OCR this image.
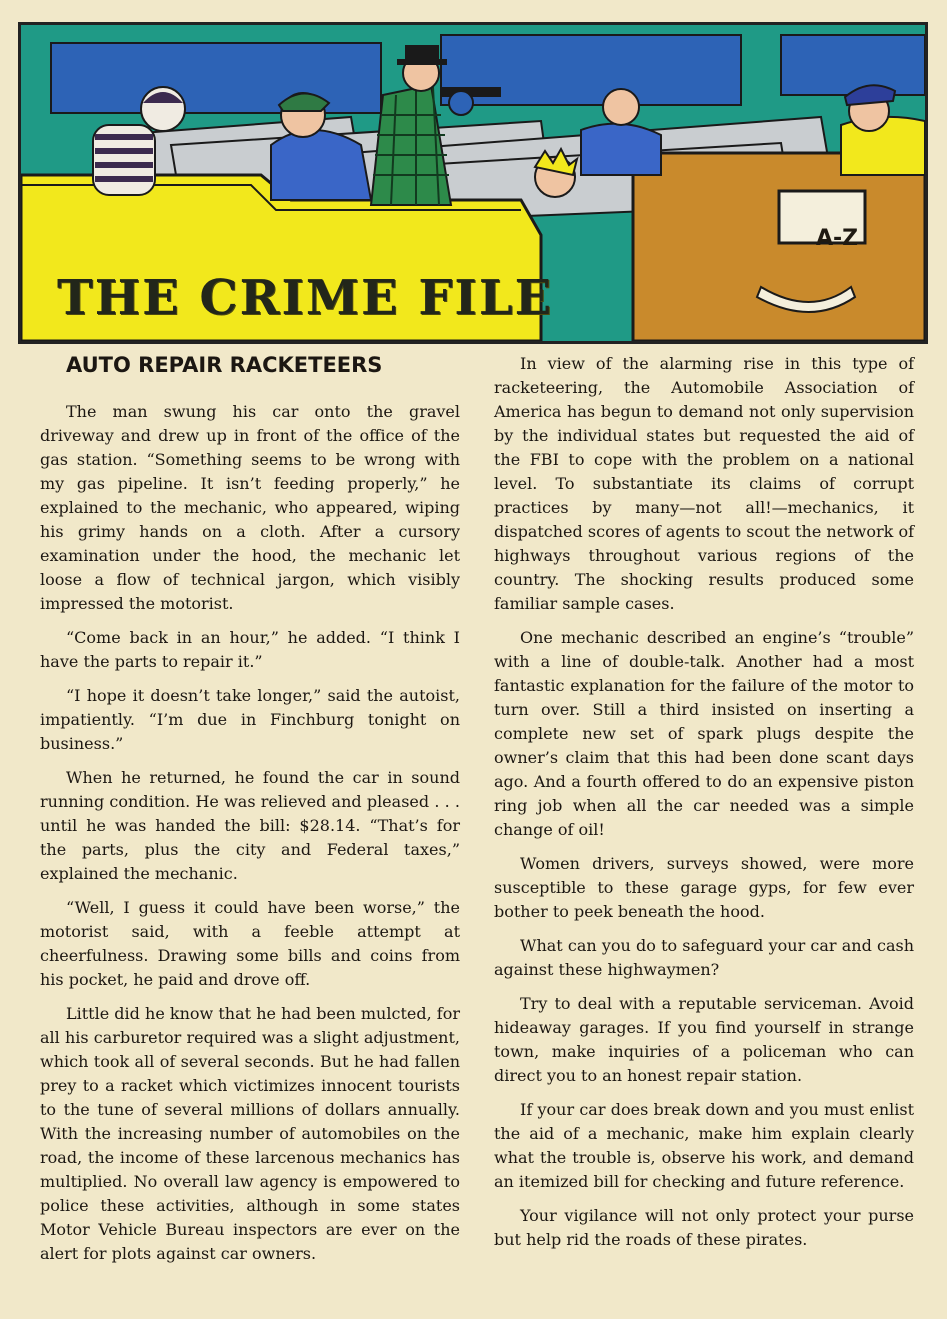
THE CRIME FILE
A-Z
AUTO REPAIR RACKETEERS

The man swung his car onto the gravel driveway and drew up in front of the office of the gas station. “Something seems to be wrong with my gas pipeline. It isn’t feeding properly,” he explained to the mechanic, who appeared, wiping his grimy hands on a cloth. After a cursory examination under the hood, the mechanic let loose a flow of technical jargon, which visibly impressed the motorist.

“Come back in an hour,” he added. “I think I have the parts to repair it.”

“I hope it doesn’t take longer,” said the autoist, impatiently. “I’m due in Finchburg tonight on business.”

When he returned, he found the car in sound running condition. He was relieved and pleased . . . until he was handed the bill: $28.14. “That’s for the parts, plus the city and Federal taxes,” explained the mechanic.

“Well, I guess it could have been worse,” the motorist said, with a feeble attempt at cheerfulness. Drawing some bills and coins from his pocket, he paid and drove off.

Little did he know that he had been mulcted, for all his carburetor required was a slight adjustment, which took all of several seconds. But he had fallen prey to a racket which victimizes innocent tourists to the tune of several millions of dollars annually. With the increasing number of automobiles on the road, the income of these larcenous mechanics has multiplied. No overall law agency is empowered to police these activities, although in some states Motor Vehicle Bureau inspectors are ever on the alert for plots against car owners.

In view of the alarming rise in this type of racketeering, the Automobile Association of America has begun to demand not only supervision by the individual states but requested the aid of the FBI to cope with the problem on a national level. To substantiate its claims of corrupt practices by many—not all!—mechanics, it dispatched scores of agents to scout the network of highways throughout various regions of the country. The shocking results produced some familiar sample cases.

One mechanic described an engine’s “trouble” with a line of double-talk. Another had a most fantastic explanation for the failure of the motor to turn over. Still a third insisted on inserting a complete new set of spark plugs despite the owner’s claim that this had been done scant days ago. And a fourth offered to do an expensive piston ring job when all the car needed was a simple change of oil!

Women drivers, surveys showed, were more susceptible to these garage gyps, for few ever bother to peek beneath the hood.

What can you do to safeguard your car and cash against these highwaymen?

Try to deal with a reputable serviceman. Avoid hideaway garages. If you find yourself in strange town, make inquiries of a policeman who can direct you to an honest repair station.

If your car does break down and you must enlist the aid of a mechanic, make him explain clearly what the trouble is, observe his work, and demand an itemized bill for checking and future reference.

Your vigilance will not only protect your purse but help rid the roads of these pirates.
